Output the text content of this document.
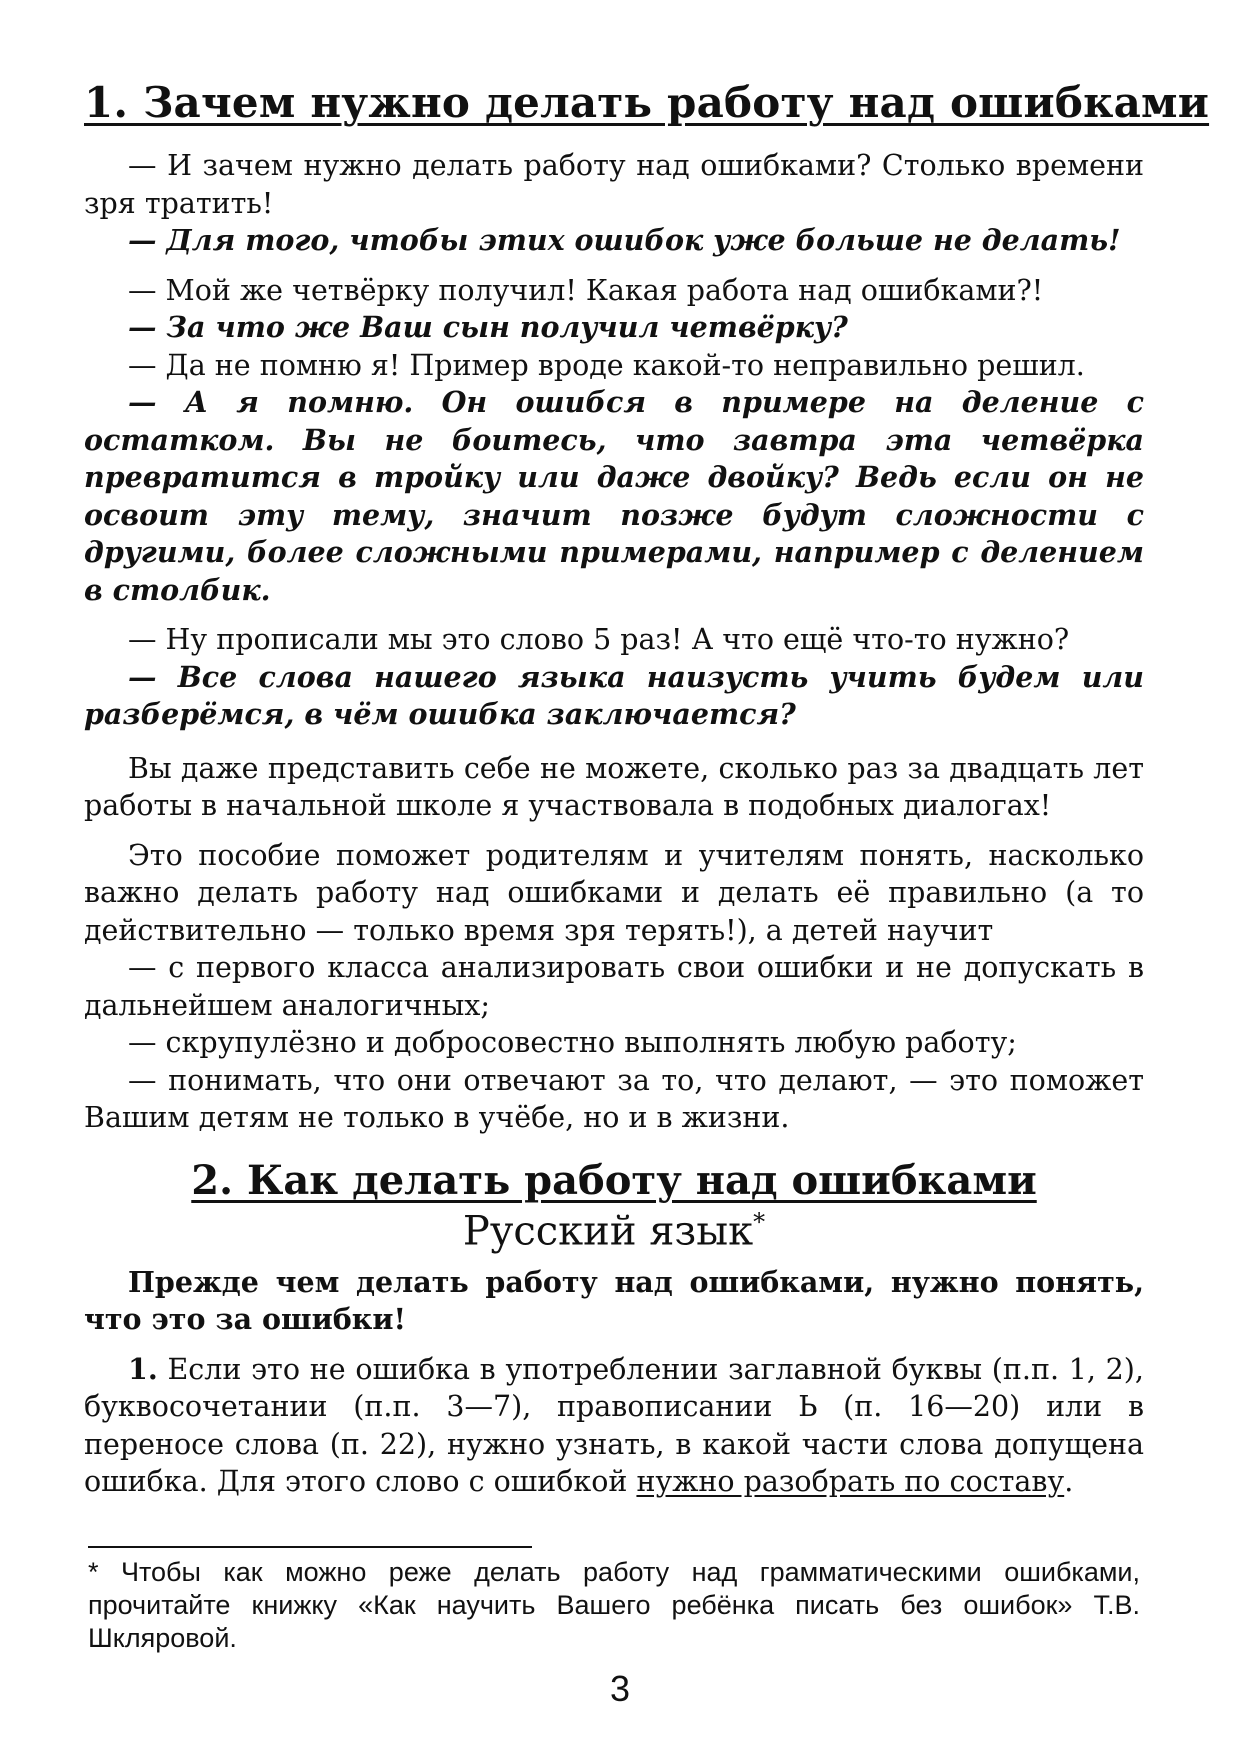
1. Зачем нужно делать работу над ошибками

— И зачем нужно делать работу над ошибками? Столько времени зря тратить!

— Для того, чтобы этих ошибок уже больше не делать!

— Мой же четвёрку получил! Какая работа над ошибками?!

— За что же Ваш сын получил четвёрку?

— Да не помню я! Пример вроде какой-то неправильно решил.

— А я помню. Он ошибся в примере на деление с остатком. Вы не боитесь, что завтра эта четвёрка превратится в тройку или даже двойку? Ведь если он не освоит эту тему, значит позже будут сложности с другими, более сложными примерами, например с делением в столбик.

— Ну прописали мы это слово 5 раз! А что ещё что-то нужно?

— Все слова нашего языка наизусть учить будем или разберёмся, в чём ошибка заключается?

Вы даже представить себе не можете, сколько раз за двадцать лет работы в начальной школе я участвовала в подобных диалогах!

Это пособие поможет родителям и учителям понять, насколько важно делать работу над ошибками и делать её правильно (а то действительно — только время зря терять!), а детей научит

— с первого класса анализировать свои ошибки и не допускать в дальнейшем аналогичных;

— скрупулёзно и добросовестно выполнять любую работу;

— понимать, что они отвечают за то, что делают, — это поможет Вашим детям не только в учёбе, но и в жизни.

2. Как делать работу над ошибками
Русский язык*

Прежде чем делать работу над ошибками, нужно понять, что это за ошибки!

1. Если это не ошибка в употреблении заглавной буквы (п.п. 1, 2), буквосочетании (п.п. 3—7), правописании Ь (п. 16—20) или в переносе слова (п. 22), нужно узнать, в какой части слова допущена ошибка. Для этого слово с ошибкой нужно разобрать по составу.

* Чтобы как можно реже делать работу над грамматическими ошибками, прочитайте книжку «Как научить Вашего ребёнка писать без ошибок» Т.В. Шкляровой.

3
